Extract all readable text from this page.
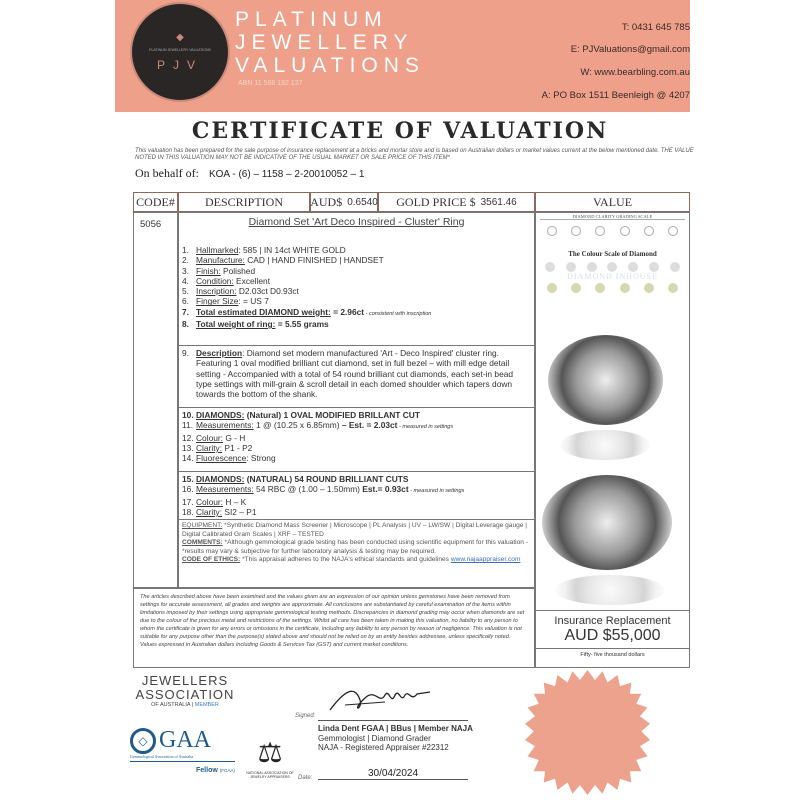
◆
PLATINUM JEWELLERY VALUATIONS
PJV
PLATINUM
JEWELLERY
VALUATIONS
ABN 11 588 192 137
T: 0431 645 785
E: PJValuations@gmail.com
W: www.bearbling.com.au
A: PO Box 1511 Beenleigh @ 4207
CERTIFICATE OF VALUATION
This valuation has been prepared for the sale purpose of insurance replacement at a bricks and mortar store and is based on Australian dollars or market values current at the below mentioned date. THE VALUE NOTED IN THIS VALUATION MAY NOT BE INDICATIVE OF THE USUAL MARKET OR SALE PRICE OF THIS ITEM*
On behalf of: KOA - (6) – 1158 – 2-20010052 – 1
CODE#	DESCRIPTION AUD$ 0.6540 GOLD PRICE $ 3561.46	VALUE
5056	Diamond Set 'Art Deco Inspired - Cluster' Ring
1. Hallmarked: 585 | IN 14ct WHITE GOLD
2. Manufacture: CAD | HAND FINISHED | HANDSET
3. Finish: Polished
4. Condition: Excellent
5. Inscription: D2.03ct D0.93ct
6. Finger Size: = US 7
7. Total estimated DIAMOND weight: = 2.96ct - consistent with inscription
8. Total weight of ring: = 5.55 grams
9. Description: Diamond set modern manufactured 'Art - Deco Inspired' cluster ring. Featuring 1 oval modified brilliant cut diamond, set in full bezel – with mill edge detail setting - Accompanied with a total of 54 round brilliant cut diamonds, each set-in bead type settings with mill-grain & scroll detail in each domed shoulder which tapers down towards the bottom of the shank.
10. DIAMONDS: (Natural) 1 OVAL MODIFIED BRILLANT CUT
11. Measurements: 1 @ (10.25 x 6.85mm) – Est. = 2.03ct - measured in settings
12. Colour: G - H
13. Clarity: P1 - P2
14. Fluorescence: Strong
15. DIAMONDS: (NATURAL) 54 ROUND BRILLIANT CUTS
16. Measurements: 54 RBC @ (1.00 – 1.50mm) Est.= 0.93ct - measured in settings
17. Colour: H – K
18. Clarity: SI2 – P1
EQUIPMENT: *Synthetic Diamond Mass Screener | Microscope | PL Analysis | UV – LW/SW | Digital Leverage gauge | Digital Calibrated Gram Scales | XRF – TESTED
COMMENTS: *Although gemmological grade testing has been conducted using scientific equipment for this valuation - *results may vary & subjective for further laboratory analysis & testing may be required.
CODE OF ETHICS: *This appraisal adheres to the NAJA's ethical standards and guidelines www.najaappraiser.com
DIAMOND CLARITY GRADING SCALE
The Colour Scale of Diamond
DIAMOND INHOUSE
Insurance Replacement
AUD $55,000
Fifty- five thousand dollars
The articles described above have been examined and the values given are an expression of our opinion unless gemstones have been removed from settings for accurate assessment, all grades and weights are approximate. All conclusions are substantiated by careful examination of the items within limitations imposed by their settings using appropriate gemmological testing methods. Discrepancies in diamond grading may occur when diamonds are set due to the colour of the precious metal and restrictions of the settings. Whilst all care has been taken in making this valuation, no liability to any person to whom the certificate is given for any errors or omissions in the certificate, including any liability to any person by reason of negligence. This valuation is not suitable for any purpose other than the purpose(s) stated above and should not be relied on by an entity besides addressee, unless specifically noted. Values expressed in Australian dollars including Goods & Services Tax (GST) and current market conditions.
JEWELLERS
ASSOCIATION
OF AUSTRALIA | MEMBER
◇ GAA
Gemmological Association of Australia
Fellow (FGAA)
⚖
NATIONAL ASSOCIATION OF JEWELRY APPRAISERS
Signed:
Linda Dent FGAA | BBus | Member NAJA
Gemmologist | Diamond Grader
NAJA - Registered Appraiser #22312
Date:	30/04/2024
